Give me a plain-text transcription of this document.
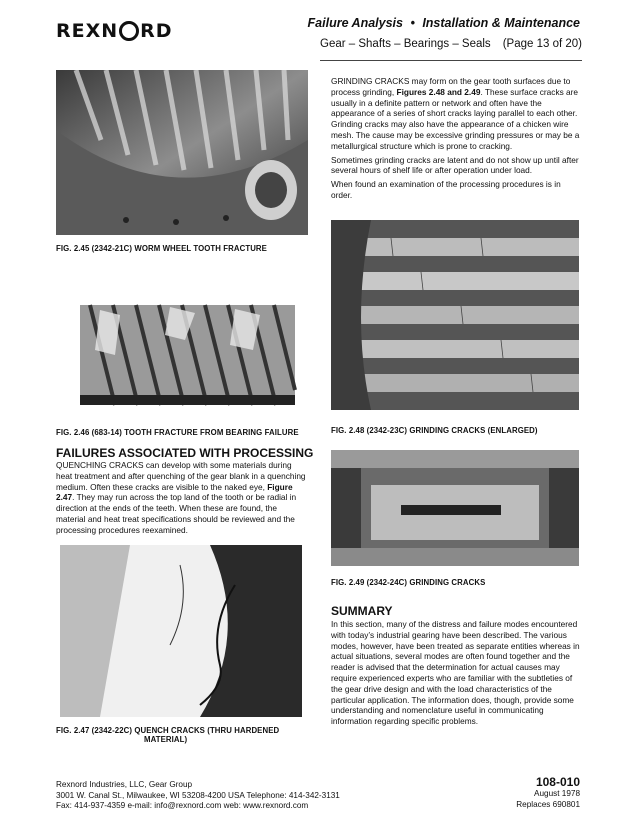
REXN RD	Failure Analysis • Installation & Maintenance
Gear – Shafts – Bearings – Seals (Page 13 of 20)
FIG. 2.45 (2342-21C) WORM WHEEL TOOTH FRACTURE
FIG. 2.46 (683-14) TOOTH FRACTURE FROM BEARING FAILURE
FAILURES ASSOCIATED WITH PROCESSING
QUENCHING CRACKS can develop with some materials during heat treatment and after quenching of the gear blank in a quenching medium. Often these cracks are visible to the naked eye, Figure 2.47. They may run across the top land of the tooth or be radial in direction at the ends of the teeth. When these are found, the material and heat treat specifications should be reviewed and the processing procedures reexamined.
FIG. 2.47 (2342-22C) QUENCH CRACKS (THRU HARDENED
MATERIAL)

GRINDING CRACKS may form on the gear tooth surfaces due to process grinding, Figures 2.48 and 2.49. These surface cracks are usually in a definite pattern or network and often have the appearance of a series of short cracks laying parallel to each other. Grinding cracks may also have the appearance of a chicken wire mesh. The cause may be excessive grinding pressures or may be a metallurgical structure which is prone to cracking.

Sometimes grinding cracks are latent and do not show up until after several hours of shelf life or after operation under load.

When found an examination of the processing procedures is in order.

FIG. 2.48 (2342-23C) GRINDING CRACKS (ENLARGED)
FIG. 2.49 (2342-24C) GRINDING CRACKS
SUMMARY
In this section, many of the distress and failure modes encountered with today’s industrial gearing have been described. The various modes, however, have been treated as separate entities whereas in actual situations, several modes are often found together and the reader is advised that the determination for actual causes may require experienced experts who are familiar with the subtleties of the gear drive design and with the load characteristics of the particular application. The information does, though, provide some understanding and nomenclature useful in communicating information regarding specific problems.
Rexnord Industries, LLC, Gear Group
3001 W. Canal St., Milwaukee, WI 53208-4200 USA Telephone: 414-342-3131
Fax: 414-937-4359 e-mail: info@rexnord.com web: www.rexnord.com
108-010
August 1978
Replaces 690801
